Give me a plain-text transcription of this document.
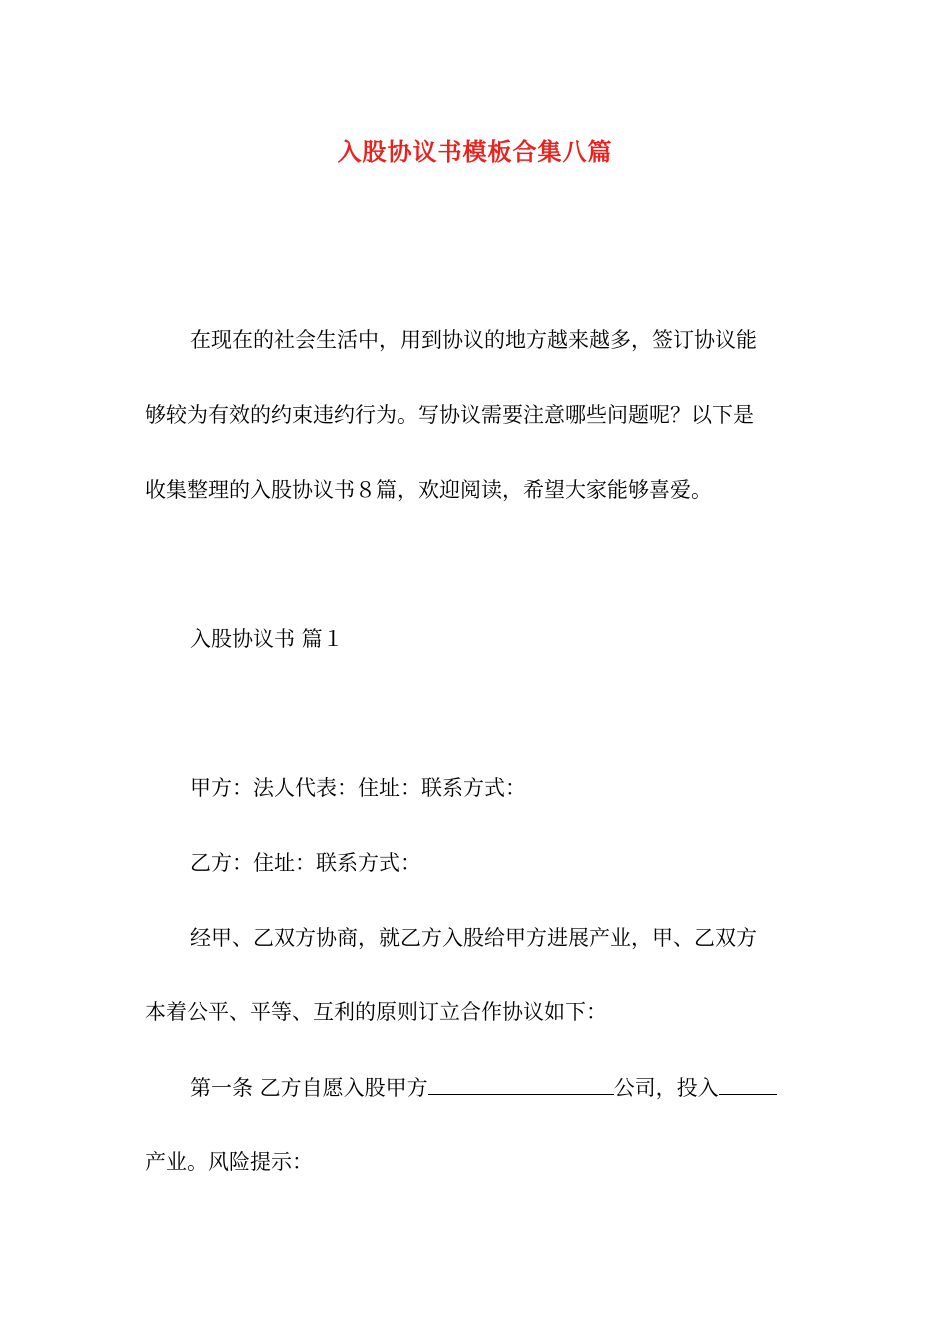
入股协议书模板合集八篇
在现在的社会生活中，用到协议的地方越来越多，签订协议能
够较为有效的约束违约行为。写协议需要注意哪些问题呢？以下是
收集整理的入股协议书８篇，欢迎阅读，希望大家能够喜爱。
入股协议书 篇１
甲方：法人代表：住址：联系方式：
乙方：住址：联系方式：
经甲、乙双方协商，就乙方入股给甲方进展产业，甲、乙双方
本着公平、平等、互利的原则订立合作协议如下：
第一条 乙方自愿入股甲方	公司，投入
产业。风险提示：
